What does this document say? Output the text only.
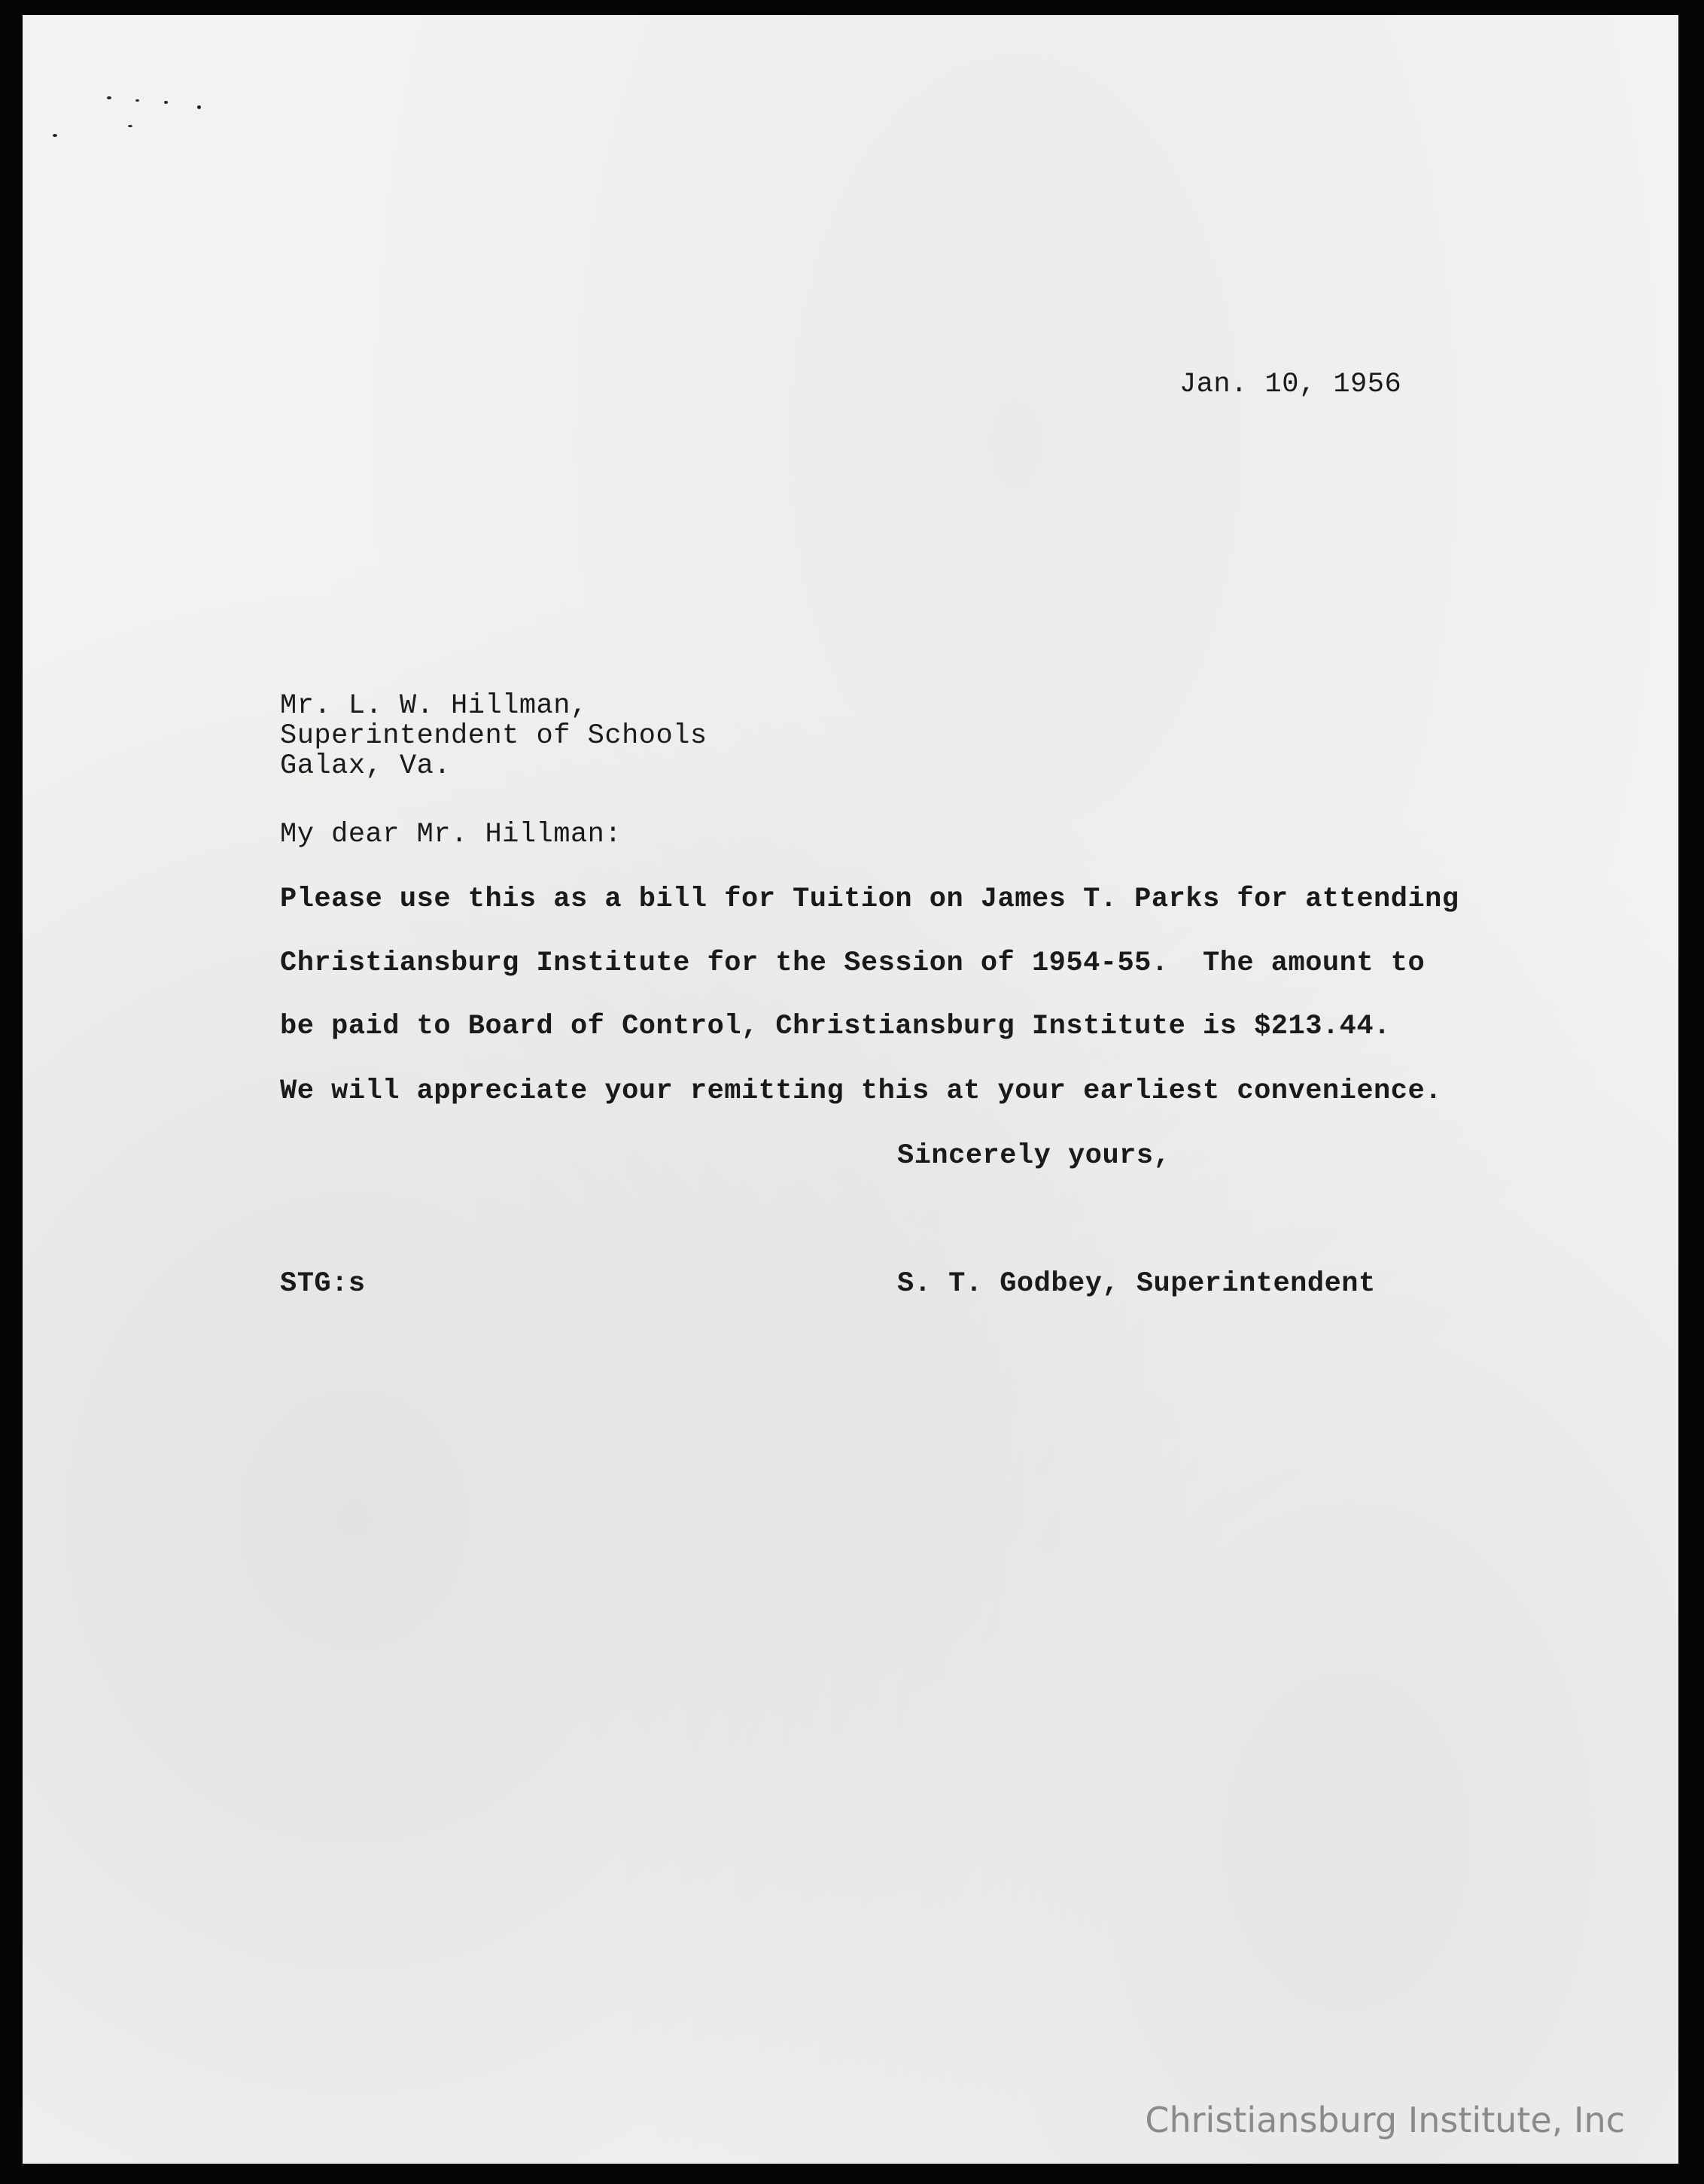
Jan. 10, 1956
Mr. L. W. Hillman,
Superintendent of Schools
Galax, Va.
My dear Mr. Hillman:
Please use this as a bill for Tuition on James T. Parks for attending
Christiansburg Institute for the Session of 1954-55.  The amount to
be paid to Board of Control, Christiansburg Institute is $213.44.
We will appreciate your remitting this at your earliest convenience.
Sincerely yours,
STG:s	S. T. Godbey, Superintendent
Christiansburg Institute, Inc
